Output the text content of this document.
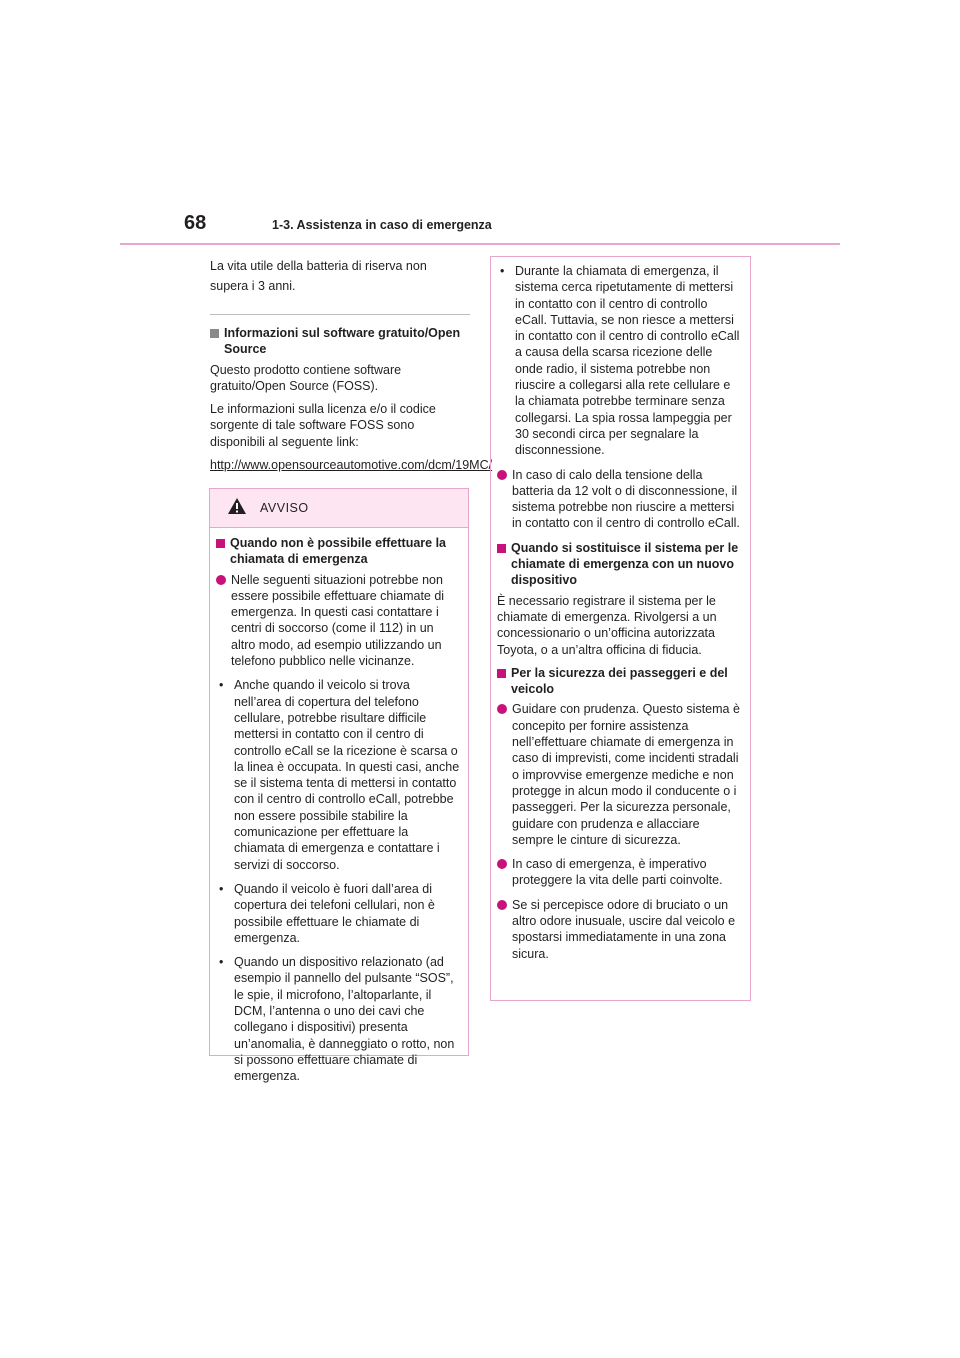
68	1-3. Assistenza in caso di emergenza

La vita utile della batteria di riserva non supera i 3 anni.

Informazioni sul software gratuito/Open Source

Questo prodotto contiene software gratuito/Open Source (FOSS).

Le informazioni sulla licenza e/o il codice sorgente di tale software FOSS sono disponibili al seguente link:

http://www.opensourceautomotive.com/dcm/19MC/

AVVISO
Quando non è possibile effettuare la chiamata di emergenza
Nelle seguenti situazioni potrebbe non essere possibile effettuare chiamate di emergenza. In questi casi contattare i centri di soccorso (come il 112) in un altro modo, ad esempio utilizzando un telefono pubblico nelle vicinanze.
• Anche quando il veicolo si trova nell’area di copertura del telefono cellulare, potrebbe risultare difficile mettersi in contatto con il centro di controllo eCall se la ricezione è scarsa o la linea è occupata. In questi casi, anche se il sistema tenta di mettersi in contatto con il centro di controllo eCall, potrebbe non essere possibile stabilire la comunicazione per effettuare la chiamata di emergenza e contattare i servizi di soccorso.
• Quando il veicolo è fuori dall’area di copertura dei telefoni cellulari, non è possibile effettuare le chiamate di emergenza.
• Quando un dispositivo relazionato (ad esempio il pannello del pulsante “SOS”, le spie, il microfono, l’altoparlante, il DCM, l’antenna o uno dei cavi che collegano i dispositivi) presenta un’anomalia, è danneggiato o rotto, non si possono effettuare chiamate di emergenza.
• Durante la chiamata di emergenza, il sistema cerca ripetutamente di mettersi in contatto con il centro di controllo eCall. Tuttavia, se non riesce a mettersi in contatto con il centro di controllo eCall a causa della scarsa ricezione delle onde radio, il sistema potrebbe non riuscire a collegarsi alla rete cellulare e la chiamata potrebbe terminare senza collegarsi. La spia rossa lampeggia per 30 secondi circa per segnalare la disconnessione.
In caso di calo della tensione della batteria da 12 volt o di disconnessione, il sistema potrebbe non riuscire a mettersi in contatto con il centro di controllo eCall.
Quando si sostituisce il sistema per le chiamate di emergenza con un nuovo dispositivo

È necessario registrare il sistema per le chiamate di emergenza. Rivolgersi a un concessionario o un’officina autorizzata Toyota, o a un’altra officina di fiducia.

Per la sicurezza dei passeggeri e del veicolo
Guidare con prudenza. Questo sistema è concepito per fornire assistenza nell’effettuare chiamate di emergenza in caso di imprevisti, come incidenti stradali o improvvise emergenze mediche e non protegge in alcun modo il conducente o i passeggeri. Per la sicurezza personale, guidare con prudenza e allacciare sempre le cinture di sicurezza.
In caso di emergenza, è imperativo proteggere la vita delle parti coinvolte.
Se si percepisce odore di bruciato o un altro odore inusuale, uscire dal veicolo e spostarsi immediatamente in una zona sicura.
